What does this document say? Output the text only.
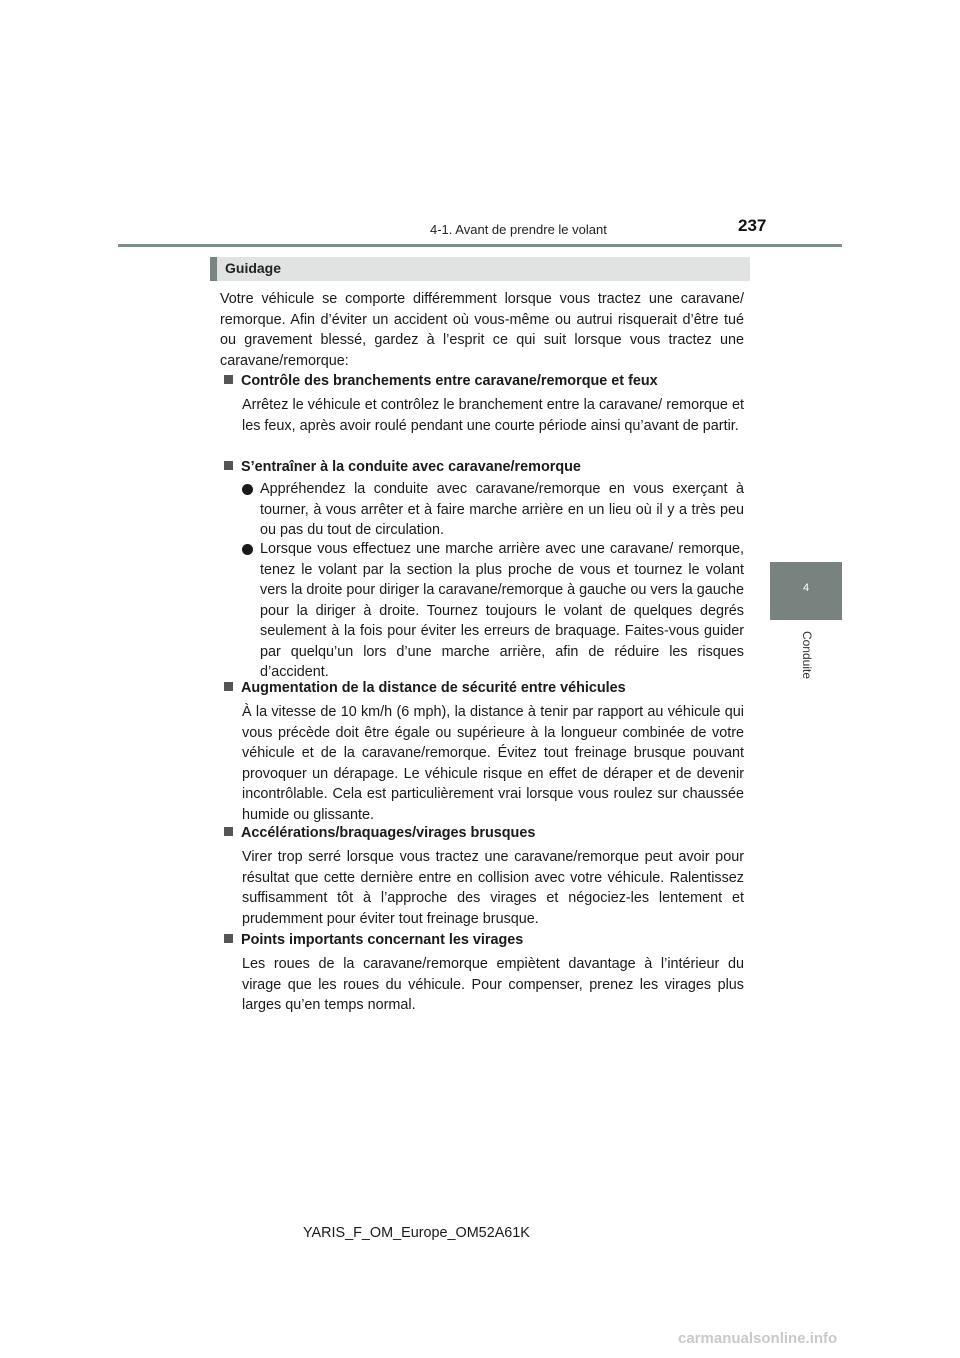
4-1. Avant de prendre le volant	237
4
Conduite
Guidage

Votre véhicule se comporte différemment lorsque vous tractez une caravane/ remorque. Afin d’éviter un accident où vous-même ou autrui risquerait d’être tué ou gravement blessé, gardez à l’esprit ce qui suit lorsque vous tractez une caravane/remorque:

Contrôle des branchements entre caravane/remorque et feux

Arrêtez le véhicule et contrôlez le branchement entre la caravane/ remorque et les feux, après avoir roulé pendant une courte période ainsi qu’avant de partir.

S’entraîner à la conduite avec caravane/remorque

Appréhendez la conduite avec caravane/remorque en vous exerçant à tourner, à vous arrêter et à faire marche arrière en un lieu où il y a très peu ou pas du tout de circulation.

Lorsque vous effectuez une marche arrière avec une caravane/ remorque, tenez le volant par la section la plus proche de vous et tournez le volant vers la droite pour diriger la caravane/remorque à gauche ou vers la gauche pour la diriger à droite. Tournez toujours le volant de quelques degrés seulement à la fois pour éviter les erreurs de braquage. Faites-vous guider par quelqu’un lors d’une marche arrière, afin de réduire les risques d’accident.

Augmentation de la distance de sécurité entre véhicules

À la vitesse de 10 km/h (6 mph), la distance à tenir par rapport au véhicule qui vous précède doit être égale ou supérieure à la longueur combinée de votre véhicule et de la caravane/remorque. Évitez tout freinage brusque pouvant provoquer un dérapage. Le véhicule risque en effet de déraper et de devenir incontrôlable. Cela est particulièrement vrai lorsque vous roulez sur chaussée humide ou glissante.

Accélérations/braquages/virages brusques

Virer trop serré lorsque vous tractez une caravane/remorque peut avoir pour résultat que cette dernière entre en collision avec votre véhicule. Ralentissez suffisamment tôt à l’approche des virages et négociez-les lentement et prudemment pour éviter tout freinage brusque.

Points importants concernant les virages

Les roues de la caravane/remorque empiètent davantage à l’intérieur du virage que les roues du véhicule. Pour compenser, prenez les virages plus larges qu’en temps normal.

YARIS_F_OM_Europe_OM52A61K
carmanualsonline.info
